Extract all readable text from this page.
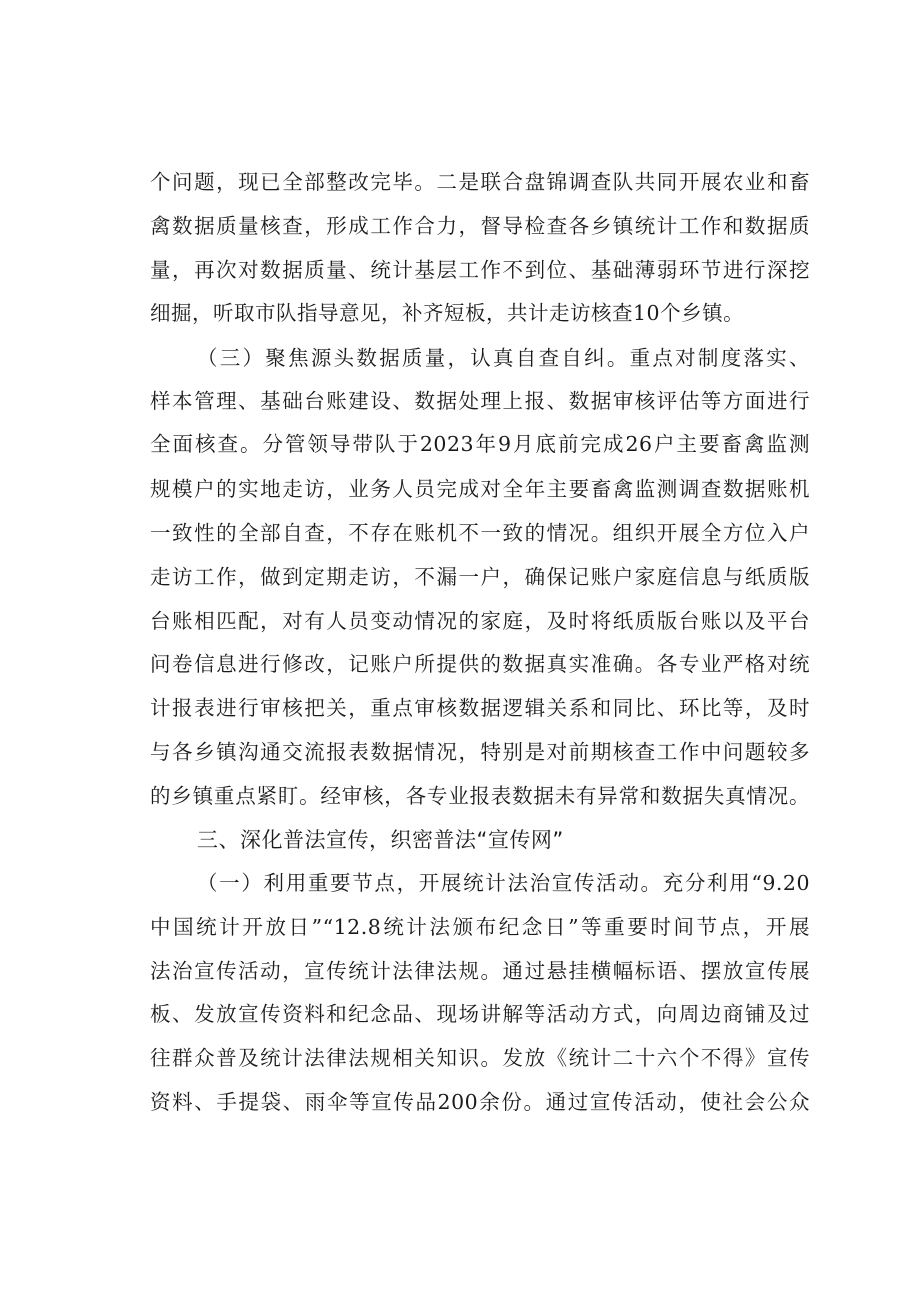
个问题，现已全部整改完毕。二是联合盘锦调查队共同开展农业和畜
禽数据质量核查，形成工作合力，督导检查各乡镇统计工作和数据质
量，再次对数据质量、统计基层工作不到位、基础薄弱环节进行深挖
细掘，听取市队指导意见，补齐短板，共计走访核查10个乡镇。
（三）聚焦源头数据质量，认真自查自纠。重点对制度落实、
样本管理、基础台账建设、数据处理上报、数据审核评估等方面进行
全面核查。分管领导带队于2023年9月底前完成26户主要畜禽监测
规模户的实地走访，业务人员完成对全年主要畜禽监测调查数据账机
一致性的全部自查，不存在账机不一致的情况。组织开展全方位入户
走访工作，做到定期走访，不漏一户，确保记账户家庭信息与纸质版
台账相匹配，对有人员变动情况的家庭，及时将纸质版台账以及平台
问卷信息进行修改，记账户所提供的数据真实准确。各专业严格对统
计报表进行审核把关，重点审核数据逻辑关系和同比、环比等，及时
与各乡镇沟通交流报表数据情况，特别是对前期核查工作中问题较多
的乡镇重点紧盯。经审核，各专业报表数据未有异常和数据失真情况。
三、深化普法宣传，织密普法“宣传网”
（一）利用重要节点，开展统计法治宣传活动。充分利用“9.20
中国统计开放日”“12.8统计法颁布纪念日”等重要时间节点，开展
法治宣传活动，宣传统计法律法规。通过悬挂横幅标语、摆放宣传展
板、发放宣传资料和纪念品、现场讲解等活动方式，向周边商铺及过
往群众普及统计法律法规相关知识。发放《统计二十六个不得》宣传
资料、手提袋、雨伞等宣传品200余份。通过宣传活动，使社会公众
